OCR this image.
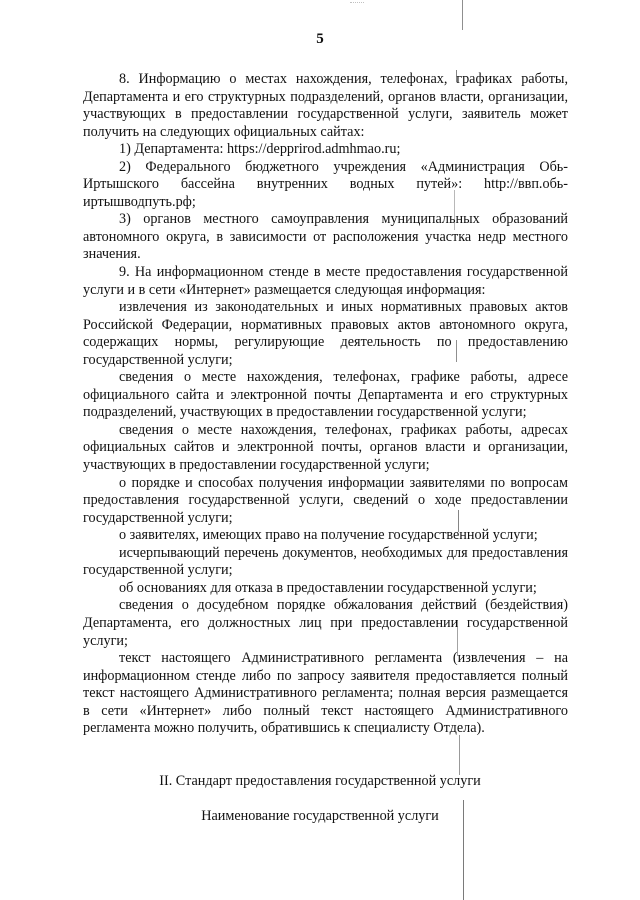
5

8. Информацию о местах нахождения, телефонах, графиках работы, Департамента и его структурных подразделений, органов власти, организации, участвующих в предоставлении государственной услуги, заявитель может получить на следующих официальных сайтах:

1) Департамента: https://depprirod.admhmao.ru;

2) Федерального бюджетного учреждения «Администрация Обь-Иртышского бассейна внутренних водных путей»: http://ввп.обь-иртышводпуть.рф;

3) органов местного самоуправления муниципальных образований автономного округа, в зависимости от расположения участка недр местного значения.

9. На информационном стенде в месте предоставления государственной услуги и в сети «Интернет» размещается следующая информация:

извлечения из законодательных и иных нормативных правовых актов Российской Федерации, нормативных правовых актов автономного округа, содержащих нормы, регулирующие деятельность по предоставлению государственной услуги;

сведения о месте нахождения, телефонах, графике работы, адресе официального сайта и электронной почты Департамента и его структурных подразделений, участвующих в предоставлении государственной услуги;

сведения о месте нахождения, телефонах, графиках работы, адресах официальных сайтов и электронной почты, органов власти и организации, участвующих в предоставлении государственной услуги;

о порядке и способах получения информации заявителями по вопросам предоставления государственной услуги, сведений о ходе предоставлении государственной услуги;

о заявителях, имеющих право на получение государственной услуги;

исчерпывающий перечень документов, необходимых для предоставления государственной услуги;

об основаниях для отказа в предоставлении государственной услуги;

сведения о досудебном порядке обжалования действий (бездействия) Департамента, его должностных лиц при предоставлении государственной услуги;

текст настоящего Административного регламента (извлечения – на информационном стенде либо по запросу заявителя предоставляется полный текст настоящего Административного регламента; полная версия размещается в сети «Интернет» либо полный текст настоящего Административного регламента можно получить, обратившись к специалисту Отдела).

II. Стандарт предоставления государственной услуги
Наименование государственной услуги
